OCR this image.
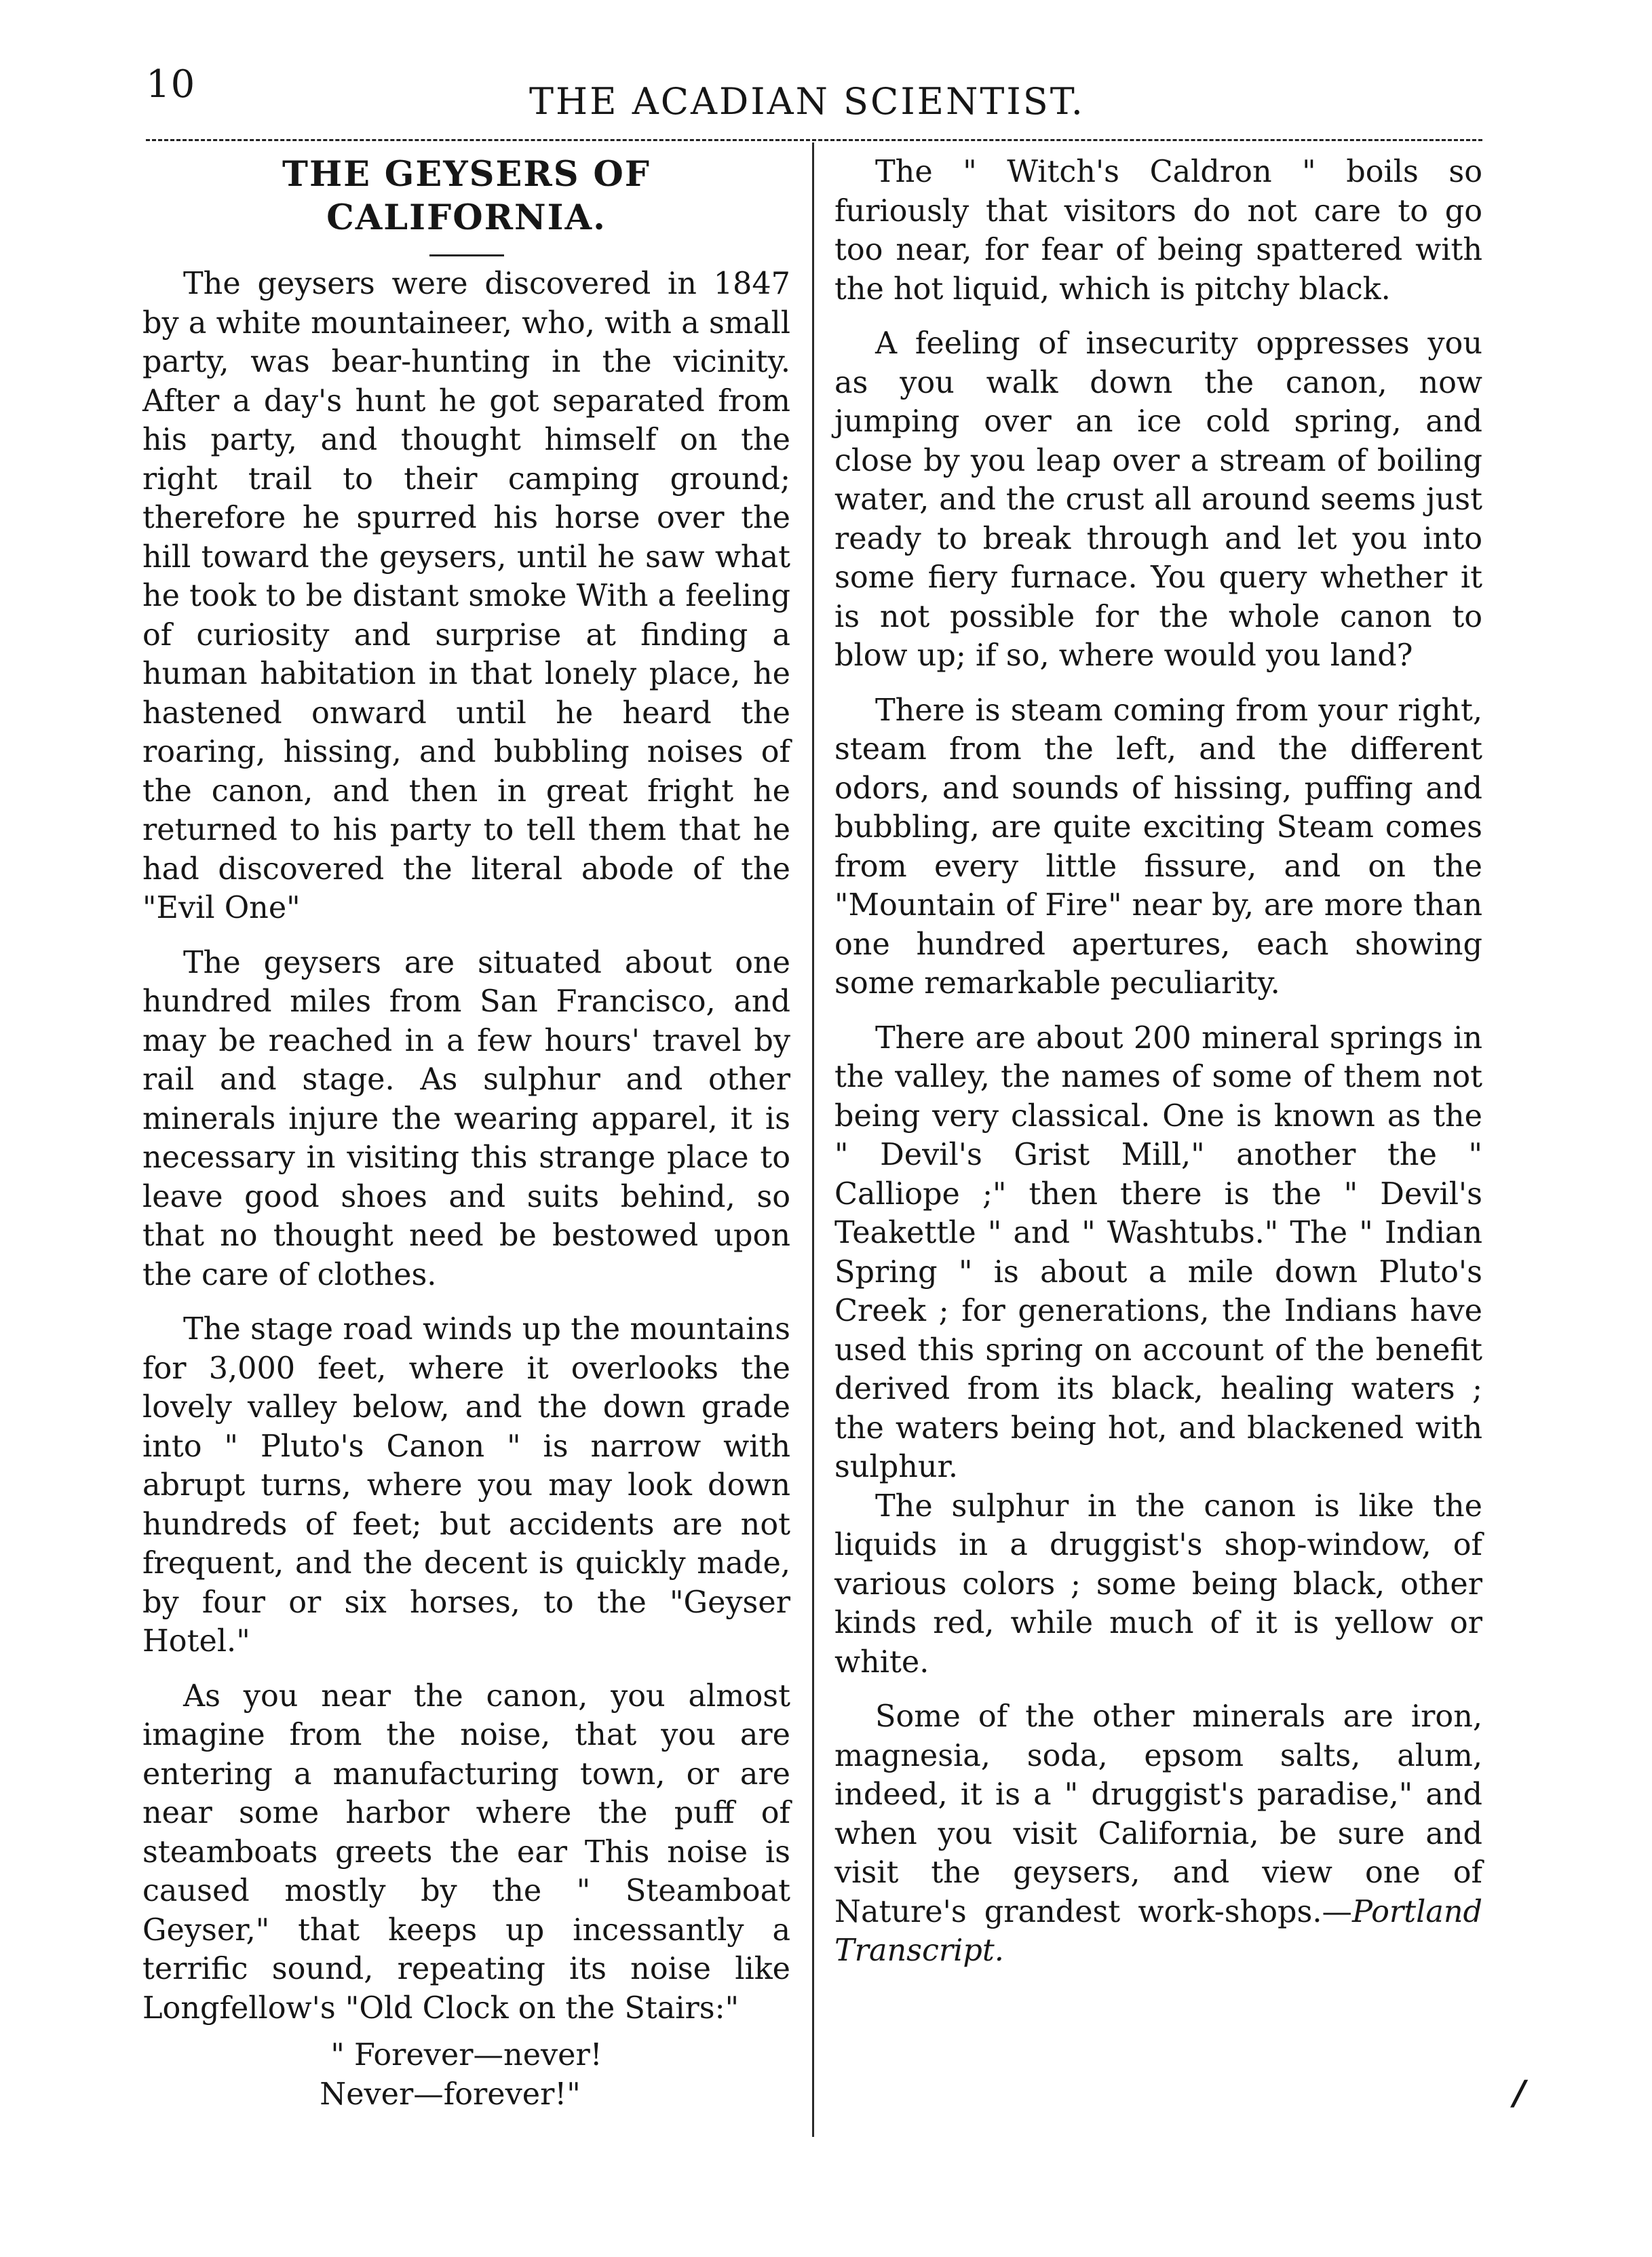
10	THE ACADIAN SCIENTIST.
THE GEYSERS OF CALIFORNIA.

The geysers were discovered in 1847 by a white mountaineer, who, with a small party, was bear-hunting in the vicinity. After a day's hunt he got separated from his party, and thought himself on the right trail to their camping ground; therefore he spurred his horse over the hill toward the geysers, until he saw what he took to be distant smoke With a feeling of curiosity and surprise at finding a human habitation in that lonely place, he hastened onward until he heard the roaring, hissing, and bubbling noises of the canon, and then in great fright he returned to his party to tell them that he had discovered the literal abode of the "Evil One"

The geysers are situated about one hundred miles from San Francisco, and may be reached in a few hours' travel by rail and stage. As sulphur and other minerals injure the wearing apparel, it is necessary in visiting this strange place to leave good shoes and suits behind, so that no thought need be bestowed upon the care of clothes.

The stage road winds up the mountains for 3,000 feet, where it overlooks the lovely valley below, and the down grade into " Pluto's Canon " is narrow with abrupt turns, where you may look down hundreds of feet; but accidents are not frequent, and the decent is quickly made, by four or six horses, to the "Geyser Hotel."

As you near the canon, you almost imagine from the noise, that you are entering a manufacturing town, or are near some harbor where the puff of steamboats greets the ear This noise is caused mostly by the " Steamboat Geyser," that keeps up incessantly a terrific sound, repeating its noise like Longfellow's "Old Clock on the Stairs:"

" Forever—never!
Never—forever!"

The " Witch's Caldron " boils so furiously that visitors do not care to go too near, for fear of being spattered with the hot liquid, which is pitchy black.

A feeling of insecurity oppresses you as you walk down the canon, now jumping over an ice cold spring, and close by you leap over a stream of boiling water, and the crust all around seems just ready to break through and let you into some fiery furnace. You query whether it is not possible for the whole canon to blow up; if so, where would you land?

There is steam coming from your right, steam from the left, and the different odors, and sounds of hissing, puffing and bubbling, are quite exciting Steam comes from every little fissure, and on the "Mountain of Fire" near by, are more than one hundred apertures, each showing some remarkable peculiarity.

There are about 200 mineral springs in the valley, the names of some of them not being very classical. One is known as the " Devil's Grist Mill," another the " Calliope ;" then there is the " Devil's Teakettle " and " Washtubs." The " Indian Spring " is about a mile down Pluto's Creek ; for generations, the Indians have used this spring on account of the benefit derived from its black, healing waters ; the waters being hot, and blackened with sulphur.

The sulphur in the canon is like the liquids in a druggist's shop-window, of various colors ; some being black, other kinds red, while much of it is yellow or white.

Some of the other minerals are iron, magnesia, soda, epsom salts, alum, indeed, it is a " druggist's paradise," and when you visit California, be sure and visit the geysers, and view one of Nature's grandest work-shops.—Portland Transcript.

/
